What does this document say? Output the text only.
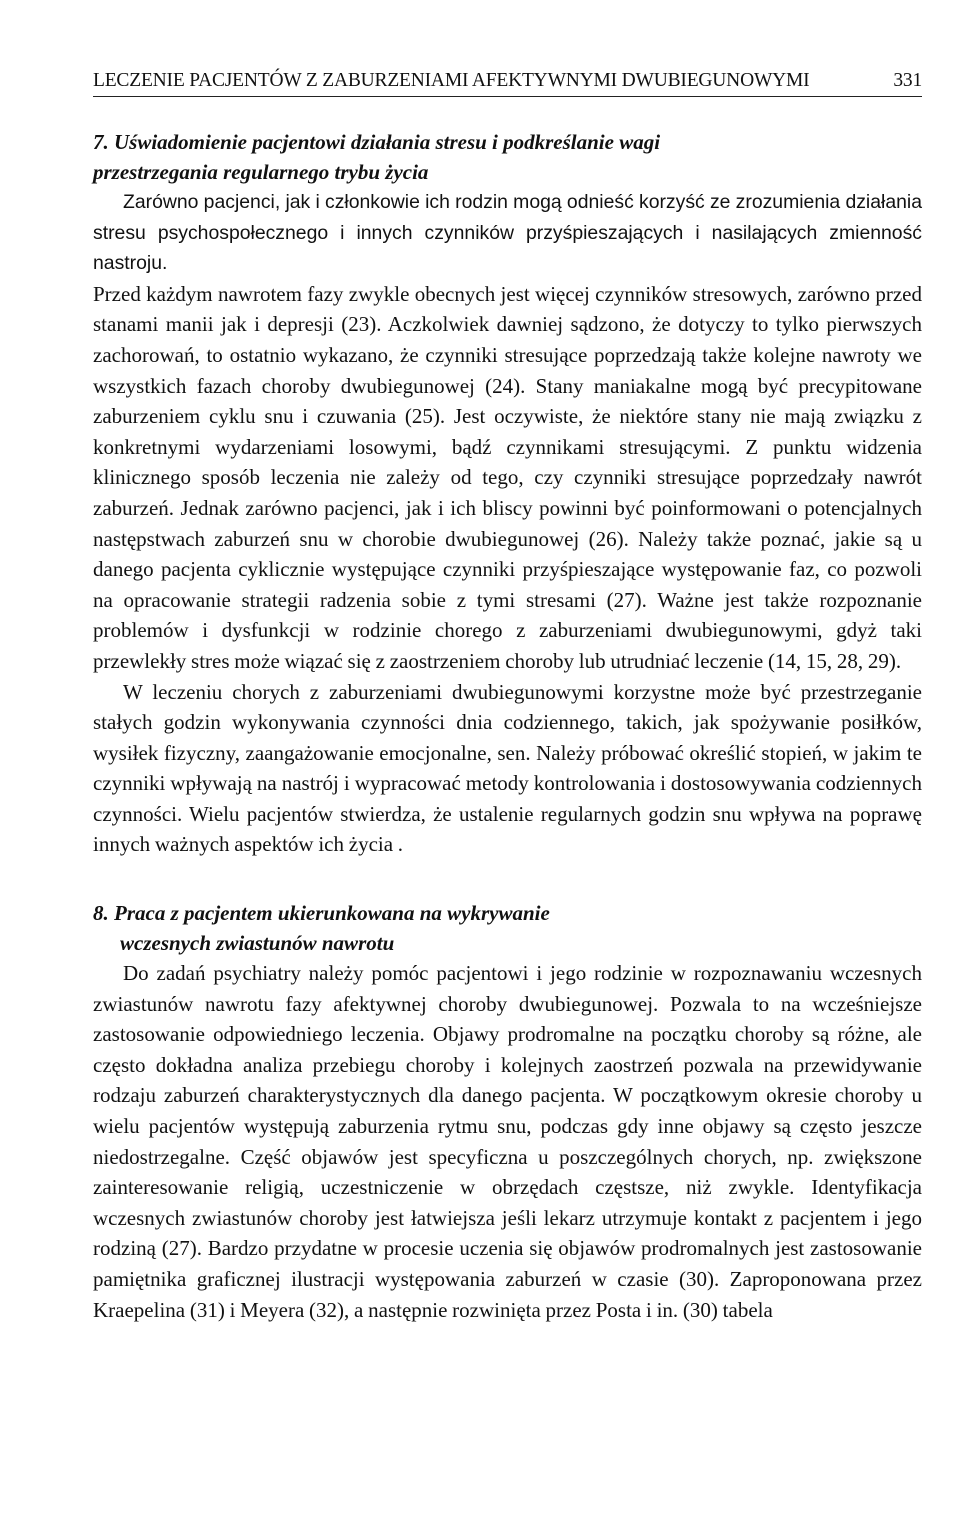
LECZENIE PACJENTÓW Z ZABURZENIAMI AFEKTYWNYMI DWUBIEGUNOWYMI	331
7. Uświadomienie pacjentowi działania stresu i podkreślanie wagi
przestrzegania regularnego trybu życia

Zarówno pacjenci, jak i członkowie ich rodzin mogą odnieść korzyść ze zrozumienia działania stresu psychospołecznego i innych czynników przyśpieszających i nasilających zmienność nastroju.

Przed każdym nawrotem fazy zwykle obecnych jest więcej czynników stresowych, zarówno przed stanami manii jak i depresji (23). Aczkolwiek dawniej sądzono, że dotyczy to tylko pierwszych zachorowań, to ostatnio wykazano, że czynniki stresujące poprzedzają także kolejne nawroty we wszystkich fazach choroby dwubiegunowej (24). Stany maniakalne mogą być precypitowane zaburzeniem cyklu snu i czuwania (25). Jest oczywiste, że niektóre stany nie mają związku z konkretnymi wydarzeniami losowymi, bądź czynnikami stresującymi. Z punktu widzenia klinicznego sposób leczenia nie zależy od tego, czy czynniki stresujące poprzedzały nawrót zaburzeń. Jednak zarówno pacjenci, jak i ich bliscy powinni być poinformowani o potencjalnych następstwach zaburzeń snu w chorobie dwubiegunowej (26). Należy także poznać, jakie są u danego pacjenta cyklicznie występujące czynniki przyśpieszające występowanie faz, co pozwoli na opracowanie strategii radzenia sobie z tymi stresami (27). Ważne jest także rozpoznanie problemów i dysfunkcji w rodzinie chorego z zaburzeniami dwubiegunowymi, gdyż taki przewlekły stres może wiązać się z zaostrzeniem choroby lub utrudniać leczenie (14, 15, 28, 29).

W leczeniu chorych z zaburzeniami dwubiegunowymi korzystne może być przestrzeganie stałych godzin wykonywania czynności dnia codziennego, takich, jak spożywanie posiłków, wysiłek fizyczny, zaangażowanie emocjonalne, sen. Należy próbować określić stopień, w jakim te czynniki wpływają na nastrój i wypracować metody kontrolowania i dostosowywania codziennych czynności. Wielu pacjentów stwierdza, że ustalenie regularnych godzin snu wpływa na poprawę innych ważnych aspektów ich życia .

8. Praca z pacjentem ukierunkowana na wykrywanie
wczesnych zwiastunów nawrotu

Do zadań psychiatry należy pomóc pacjentowi i jego rodzinie w rozpoznawaniu wczesnych zwiastunów nawrotu fazy afektywnej choroby dwubiegunowej. Pozwala to na wcześniejsze zastosowanie odpowiedniego leczenia. Objawy prodromalne na początku choroby są różne, ale często dokładna analiza przebiegu choroby i kolejnych zaostrzeń pozwala na przewidywanie rodzaju zaburzeń charakterystycznych dla danego pacjenta. W początkowym okresie choroby u wielu pacjentów występują zaburzenia rytmu snu, podczas gdy inne objawy są często jeszcze niedostrzegalne. Część objawów jest specyficzna u poszczególnych chorych, np. zwiększone zainteresowanie religią, uczestniczenie w obrzędach częstsze, niż zwykle. Identyfikacja wczesnych zwiastunów choroby jest łatwiejsza jeśli lekarz utrzymuje kontakt z pacjentem i jego rodziną (27). Bardzo przydatne w procesie uczenia się objawów prodromalnych jest zastosowanie pamiętnika graficznej ilustracji występowania zaburzeń w czasie (30). Zaproponowana przez Kraepelina (31) i Meyera (32), a następnie rozwinięta przez Posta i in. (30) tabela
